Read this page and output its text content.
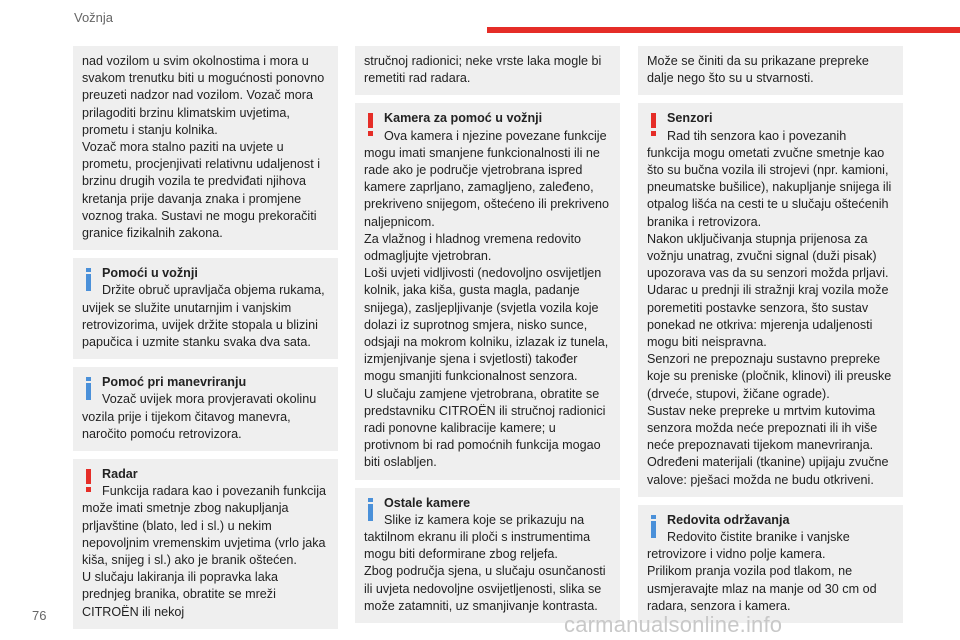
Vožnja
nad vozilom u svim okolnostima i mora u svakom trenutku biti u mogućnosti ponovno preuzeti nadzor nad vozilom. Vozač mora prilagoditi brzinu klimatskim uvjetima, prometu i stanju kolnika.
Vozač mora stalno paziti na uvjete u prometu, procjenjivati relativnu udaljenost i brzinu drugih vozila te predviđati njihova kretanja prije davanja znaka i promjene voznog traka. Sustavi ne mogu prekoračiti granice fizikalnih zakona.
Pomoći u vožnji
Držite obruč upravljača objema rukama,
uvijek se služite unutarnjim i vanjskim retrovizorima, uvijek držite stopala u blizini papučica i uzmite stanku svaka dva sata.
Pomoć pri manevriranju
Vozač uvijek mora provjeravati okolinu
vozila prije i tijekom čitavog manevra, naročito pomoću retrovizora.
Radar
Funkcija radara kao i povezanih funkcija
može imati smetnje zbog nakupljanja prljavštine (blato, led i sl.) u nekim nepovoljnim vremenskim uvjetima (vrlo jaka kiša, snijeg i sl.) ako je branik oštećen.
U slučaju lakiranja ili popravka laka prednjeg branika, obratite se mreži CITROËN ili nekoj
stručnoj radionici; neke vrste laka mogle bi remetiti rad radara.
Kamera za pomoć u vožnji
Ova kamera i njezine povezane funkcije
mogu imati smanjene funkcionalnosti ili ne rade ako je područje vjetrobrana ispred kamere zaprljano, zamagljeno, zaleđeno, prekriveno snijegom, oštećeno ili prekriveno naljepnicom.
Za vlažnog i hladnog vremena redovito odmagljujte vjetrobran.
Loši uvjeti vidljivosti (nedovoljno osvijetljen kolnik, jaka kiša, gusta magla, padanje snijega), zasljepljivanje (svjetla vozila koje dolazi iz suprotnog smjera, nisko sunce, odsjaji na mokrom kolniku, izlazak iz tunela, izmjenjivanje sjena i svjetlosti) također mogu smanjiti funkcionalnost senzora.
U slučaju zamjene vjetrobrana, obratite se predstavniku CITROËN ili stručnoj radionici radi ponovne kalibracije kamere; u protivnom bi rad pomoćnih funkcija mogao biti oslabljen.
Ostale kamere
Slike iz kamera koje se prikazuju na
taktilnom ekranu ili ploči s instrumentima mogu biti deformirane zbog reljefa.
Zbog područja sjena, u slučaju osunčanosti ili uvjeta nedovoljne osvijetljenosti, slika se može zatamniti, uz smanjivanje kontrasta.
Može se činiti da su prikazane prepreke dalje nego što su u stvarnosti.
Senzori
Rad tih senzora kao i povezanih
funkcija mogu ometati zvučne smetnje kao što su bučna vozila ili strojevi (npr. kamioni, pneumatske bušilice), nakupljanje snijega ili otpalog lišća na cesti te u slučaju oštećenih branika i retrovizora.
Nakon uključivanja stupnja prijenosa za vožnju unatrag, zvučni signal (duži pisak) upozorava vas da su senzori možda prljavi.
Udarac u prednji ili stražnji kraj vozila može poremetiti postavke senzora, što sustav ponekad ne otkriva: mjerenja udaljenosti mogu biti neispravna.
Senzori ne prepoznaju sustavno prepreke koje su preniske (pločnik, klinovi) ili preuske (drveće, stupovi, žičane ograde).
Sustav neke prepreke u mrtvim kutovima senzora možda neće prepoznati ili ih više neće prepoznavati tijekom manevriranja.
Određeni materijali (tkanine) upijaju zvučne valove: pješaci možda ne budu otkriveni.
Redovita održavanja
Redovito čistite branike i vanjske
retrovizore i vidno polje kamera.
Prilikom pranja vozila pod tlakom, ne usmjeravajte mlaz na manje od 30 cm od radara, senzora i kamera.
76	carmanualsonline.info
